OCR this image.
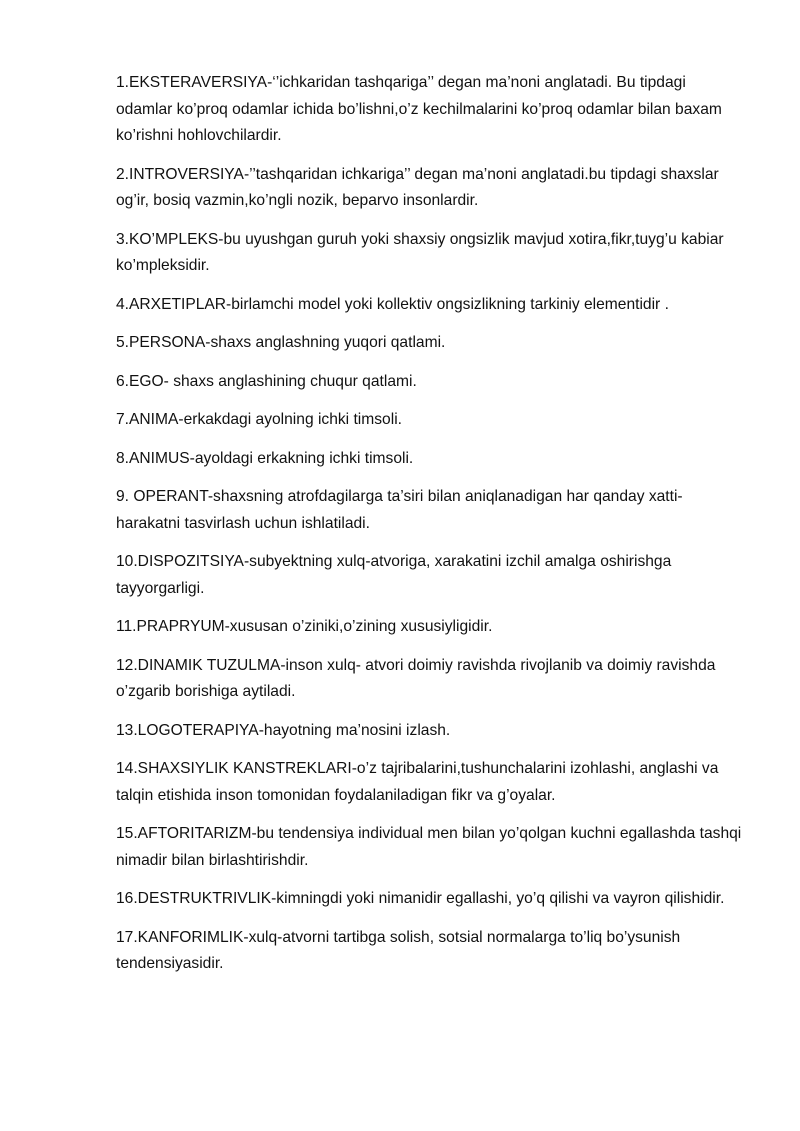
1.EKSTERAVERSIYA-‘’ichkaridan tashqariga’’ degan ma’noni anglatadi. Bu tipdagi odamlar ko’proq odamlar ichida bo’lishni,o’z kechilmalarini ko’proq odamlar bilan baxam ko’rishni hohlovchilardir.

2.INTROVERSIYA-’’tashqaridan ichkariga’’ degan ma’noni anglatadi.bu tipdagi shaxslar og’ir, bosiq vazmin,ko’ngli nozik, beparvo insonlardir.

3.KO’MPLEKS-bu uyushgan guruh yoki shaxsiy ongsizlik mavjud xotira,fikr,tuyg’u kabiar ko’mpleksidir.

4.ARXETIPLAR-birlamchi model yoki kollektiv ongsizlikning tarkiniy elementidir .

5.PERSONA-shaxs anglashning yuqori qatlami.

6.EGO- shaxs anglashining chuqur qatlami.

7.ANIMA-erkakdagi ayolning ichki timsoli.

8.ANIMUS-ayoldagi erkakning ichki timsoli.

9. OPERANT-shaxsning atrofdagilarga ta’siri bilan aniqlanadigan har qanday xatti-harakatni tasvirlash uchun ishlatiladi.

10.DISPOZITSIYA-subyektning xulq-atvoriga, xarakatini izchil amalga oshirishga tayyorgarligi.

11.PRAPRYUM-xususan o’ziniki,o’zining xususiyligidir.

12.DINAMIK TUZULMA-inson xulq- atvori doimiy ravishda rivojlanib va doimiy ravishda o’zgarib borishiga aytiladi.

13.LOGOTERAPIYA-hayotning ma’nosini izlash.

14.SHAXSIYLIK KANSTREKLARI-o’z tajribalarini,tushunchalarini izohlashi, anglashi va talqin etishida inson tomonidan foydalaniladigan fikr va g’oyalar.

15.AFTORITARIZM-bu tendensiya individual men bilan yo’qolgan kuchni egallashda tashqi nimadir bilan birlashtirishdir.

16.DESTRUKTRIVLIK-kimningdi yoki nimanidir egallashi, yo’q qilishi va vayron qilishidir.

17.KANFORIMLIK-xulq-atvorni tartibga solish, sotsial normalarga to’liq bo’ysunish tendensiyasidir.
